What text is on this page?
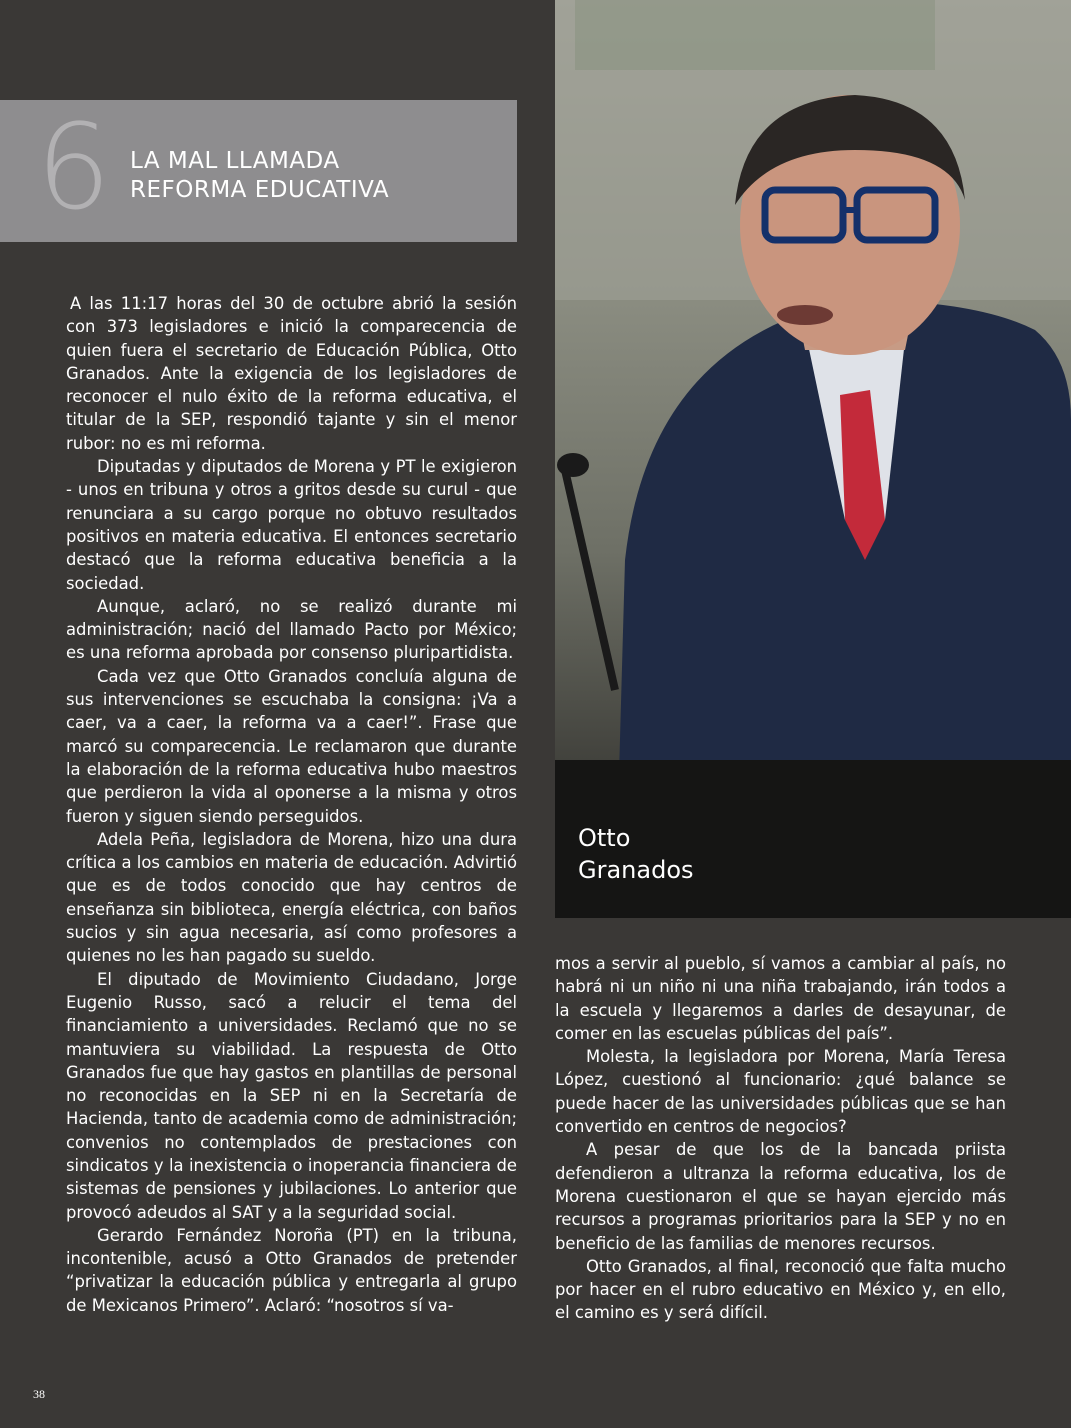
6 LA MAL LLAMADA
REFORMA EDUCATIVA
Otto
Granados

A las 11:17 horas del 30 de octubre abrió la sesión con 373 legisladores e inició la comparecencia de quien fuera el secretario de Educación Pública, Otto Granados. Ante la exigencia de los legisladores de reconocer el nulo éxito de la reforma educativa, el titular de la SEP, respondió tajante y sin el menor rubor: no es mi reforma.

Diputadas y diputados de Morena y PT le exigieron - unos en tribuna y otros a gritos desde su curul - que renunciara a su cargo porque no obtuvo resultados positivos en materia educativa. El entonces secretario destacó que la reforma educativa beneficia a la sociedad.

Aunque, aclaró, no se realizó durante mi administración; nació del llamado Pacto por México; es una reforma aprobada por consenso pluripartidista.

Cada vez que Otto Granados concluía alguna de sus intervenciones se escuchaba la consigna: ¡Va a caer, va a caer, la reforma va a caer!”. Frase que marcó su comparecencia. Le reclamaron que durante la elaboración de la reforma educativa hubo maestros que perdieron la vida al oponerse a la misma y otros fueron y siguen siendo perseguidos.

Adela Peña, legisladora de Morena, hizo una dura crítica a los cambios en materia de educación. Advirtió que es de todos conocido que hay centros de enseñanza sin biblioteca, energía eléctrica, con baños sucios y sin agua necesaria, así como profesores a quienes no les han pagado su sueldo.

El diputado de Movimiento Ciudadano, Jorge Eugenio Russo, sacó a relucir el tema del financiamiento a universidades. Reclamó que no se mantuviera su viabilidad. La respuesta de Otto Granados fue que hay gastos en plantillas de personal no reconocidas en la SEP ni en la Secretaría de Hacienda, tanto de academia como de administración; convenios no contemplados de prestaciones con sindicatos y la inexistencia o inoperancia financiera de sistemas de pensiones y jubilaciones. Lo anterior que provocó adeudos al SAT y a la seguridad social.

Gerardo Fernández Noroña (PT) en la tribuna, incontenible, acusó a Otto Granados de pretender “privatizar la educación pública y entregarla al grupo de Mexicanos Primero”. Aclaró: “nosotros sí va-

mos a servir al pueblo, sí vamos a cambiar al país, no habrá ni un niño ni una niña trabajando, irán todos a la escuela y llegaremos a darles de desayunar, de comer en las escuelas públicas del país”.

Molesta, la legisladora por Morena, María Teresa López, cuestionó al funcionario: ¿qué balance se puede hacer de las universidades públicas que se han convertido en centros de negocios?

A pesar de que los de la bancada priista defendieron a ultranza la reforma educativa, los de Morena cuestionaron el que se hayan ejercido más recursos a programas prioritarios para la SEP y no en beneficio de las familias de menores recursos.

Otto Granados, al final, reconoció que falta mucho por hacer en el rubro educativo en México y, en ello, el camino es y será difícil.

38
